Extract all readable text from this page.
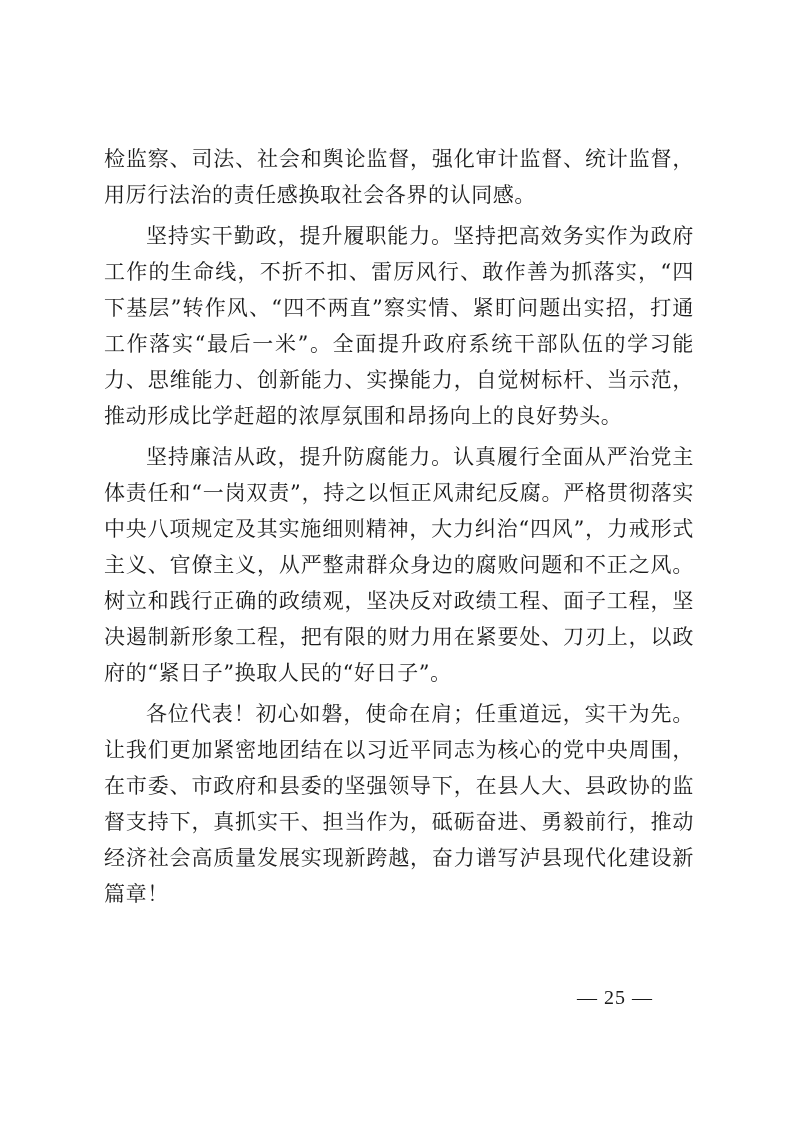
检监察、司法、社会和舆论监督，强化审计监督、统计监督，用厉行法治的责任感换取社会各界的认同感。

坚持实干勤政，提升履职能力。坚持把高效务实作为政府工作的生命线，不折不扣、雷厉风行、敢作善为抓落实，“四下基层”转作风、“四不两直”察实情、紧盯问题出实招，打通工作落实“最后一米”。全面提升政府系统干部队伍的学习能力、思维能力、创新能力、实操能力，自觉树标杆、当示范，推动形成比学赶超的浓厚氛围和昂扬向上的良好势头。

坚持廉洁从政，提升防腐能力。认真履行全面从严治党主体责任和“一岗双责”，持之以恒正风肃纪反腐。严格贯彻落实中央八项规定及其实施细则精神，大力纠治“四风”，力戒形式主义、官僚主义，从严整肃群众身边的腐败问题和不正之风。树立和践行正确的政绩观，坚决反对政绩工程、面子工程，坚决遏制新形象工程，把有限的财力用在紧要处、刀刃上，以政府的“紧日子”换取人民的“好日子”。

各位代表！初心如磐，使命在肩；任重道远，实干为先。让我们更加紧密地团结在以习近平同志为核心的党中央周围，在市委、市政府和县委的坚强领导下，在县人大、县政协的监督支持下，真抓实干、担当作为，砥砺奋进、勇毅前行，推动经济社会高质量发展实现新跨越，奋力谱写泸县现代化建设新篇章！

— 25 —
